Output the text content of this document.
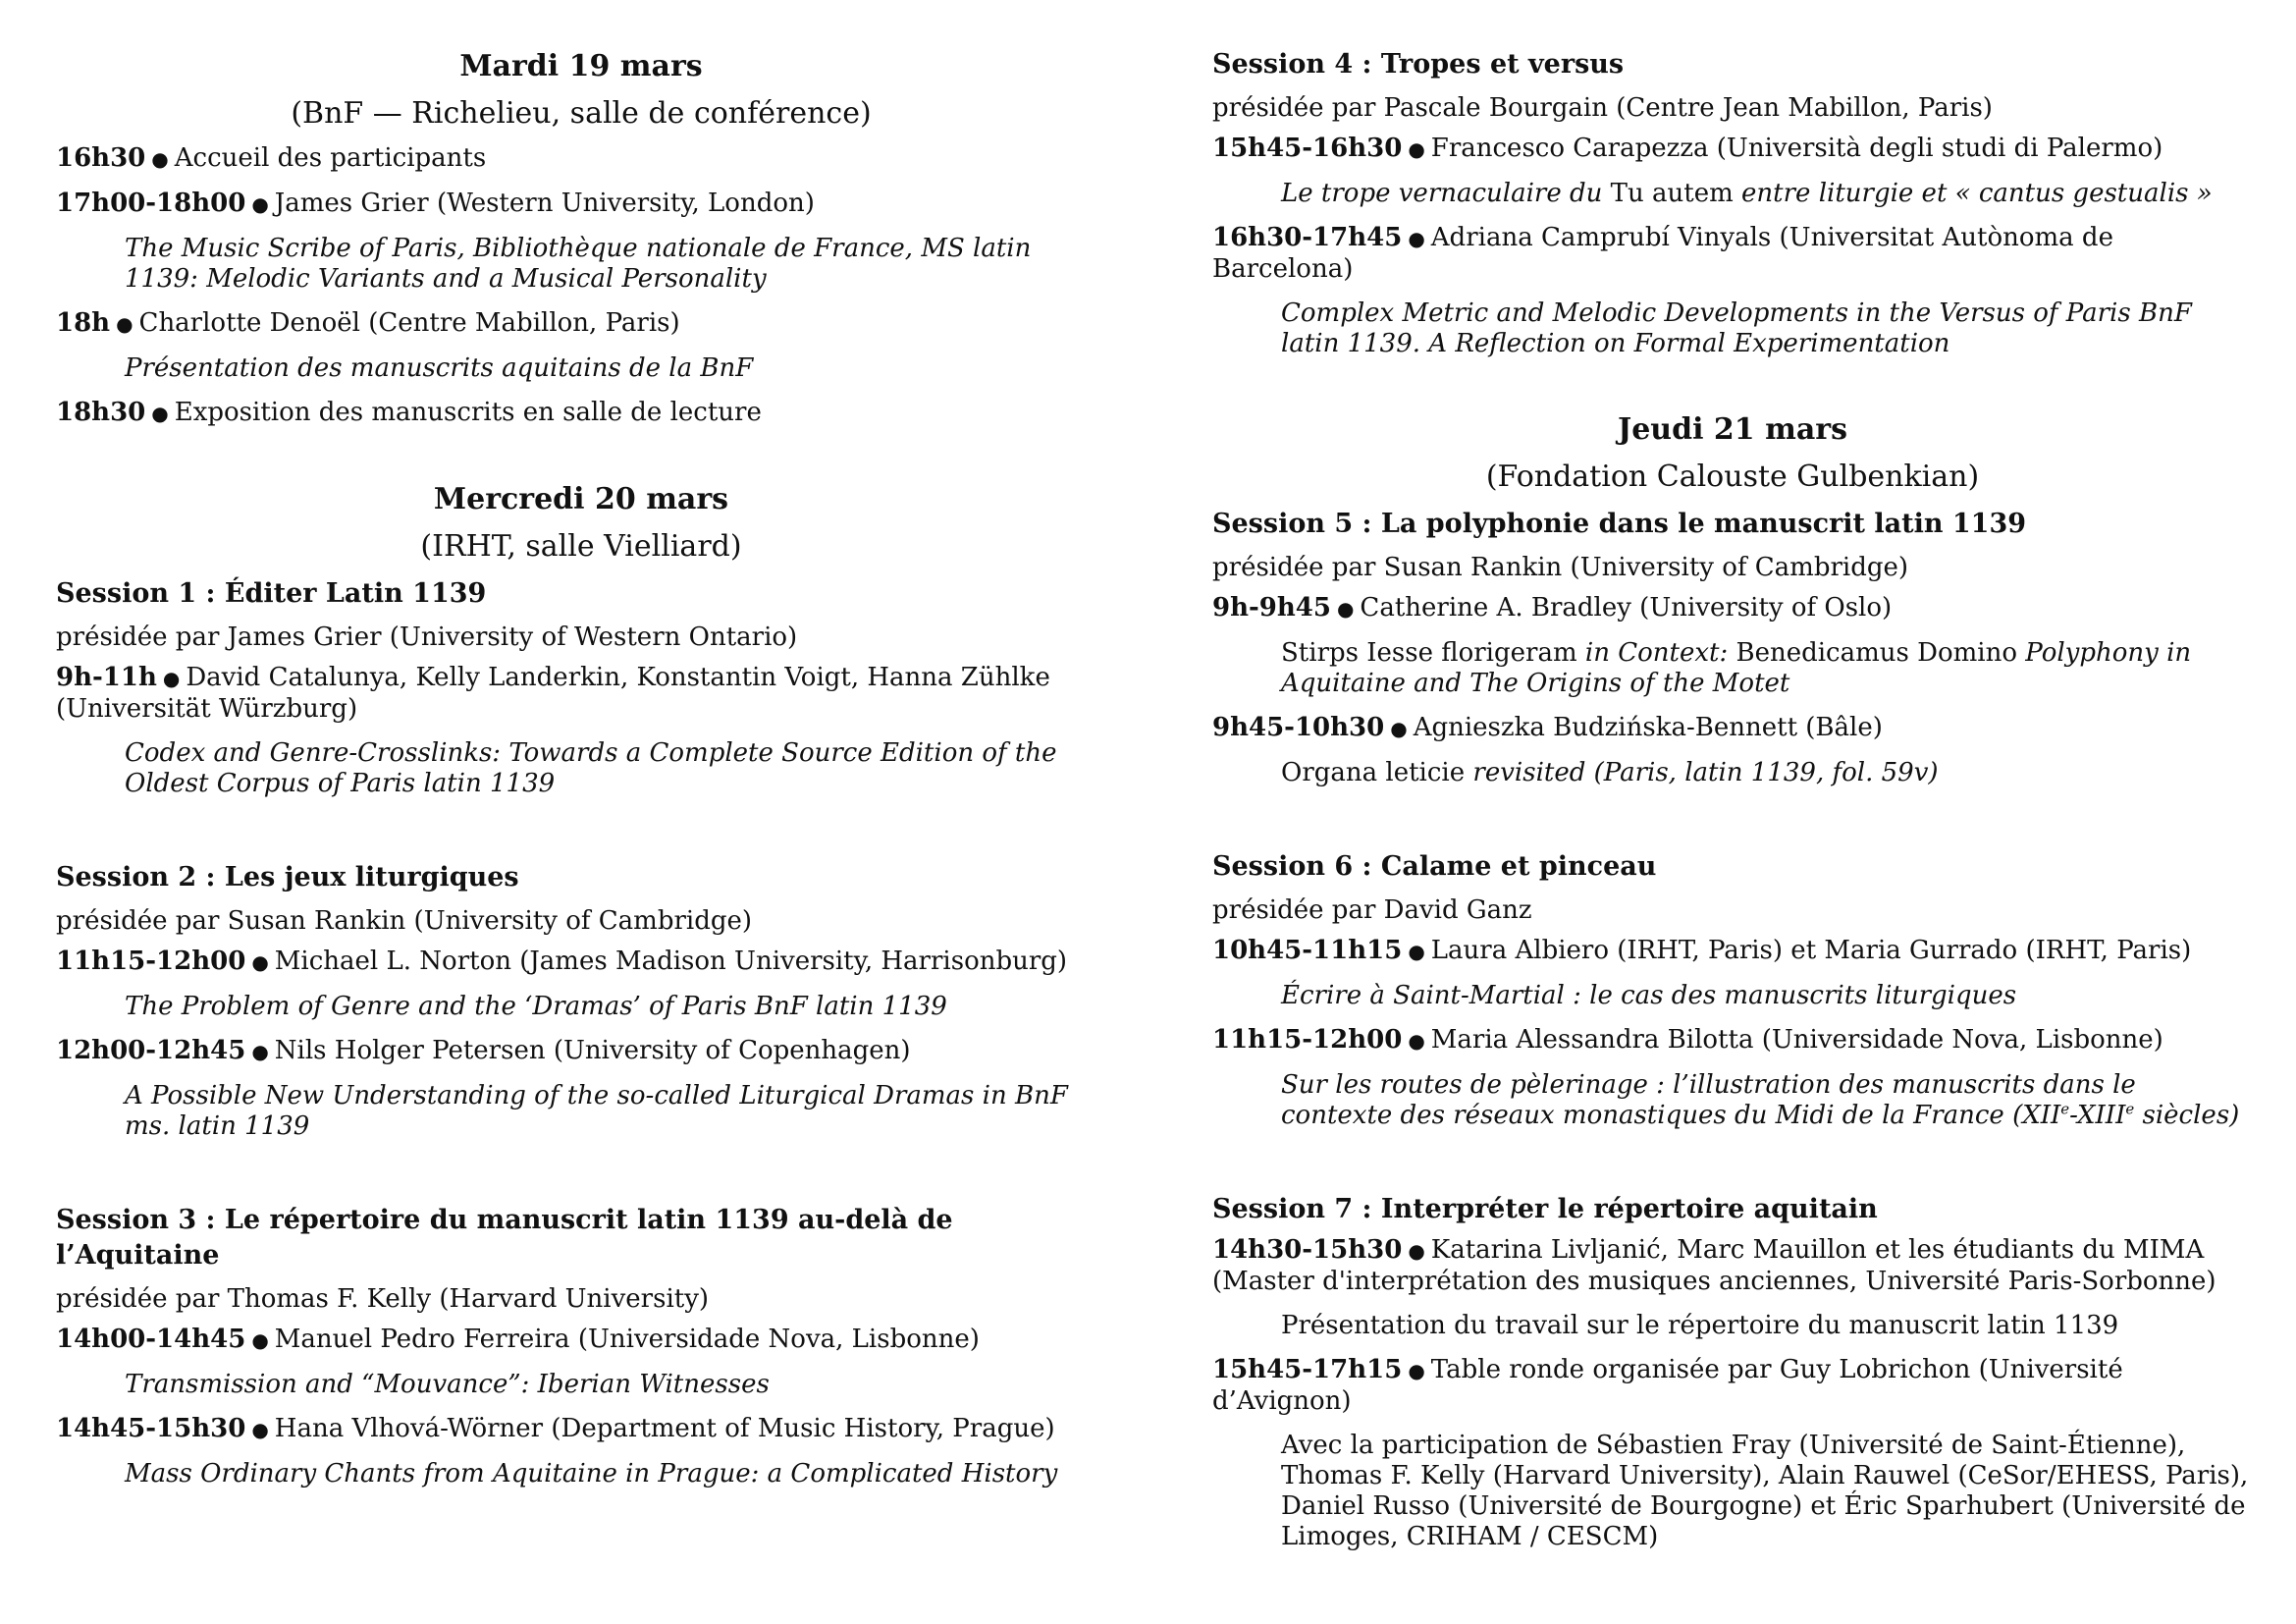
Mardi 19 mars
(BnF — Richelieu, salle de conférence)
16h30 ● Accueil des participants
17h00-18h00 ● James Grier (Western University, London)
The Music Scribe of Paris, Bibliothèque nationale de France, MS latin 1139: Melodic Variants and a Musical Personality
18h ● Charlotte Denoël (Centre Mabillon, Paris)
Présentation des manuscrits aquitains de la BnF
18h30 ● Exposition des manuscrits en salle de lecture
Mercredi 20 mars
(IRHT, salle Vielliard)
Session 1 : Éditer Latin 1139
présidée par James Grier (University of Western Ontario)
9h-11h ● David Catalunya, Kelly Landerkin, Konstantin Voigt, Hanna Zühlke (Universität Würzburg)
Codex and Genre-Crosslinks: Towards a Complete Source Edition of the Oldest Corpus of Paris latin 1139
Session 2 : Les jeux liturgiques
présidée par Susan Rankin (University of Cambridge)
11h15-12h00 ● Michael L. Norton (James Madison University, Harrisonburg)
The Problem of Genre and the ‘Dramas’ of Paris BnF latin 1139
12h00-12h45 ● Nils Holger Petersen (University of Copenhagen)
A Possible New Understanding of the so-called Liturgical Dramas in BnF ms. latin 1139
Session 3 : Le répertoire du manuscrit latin 1139 au-delà de l’Aquitaine
présidée par Thomas F. Kelly (Harvard University)
14h00-14h45 ● Manuel Pedro Ferreira (Universidade Nova, Lisbonne)
Transmission and “Mouvance”: Iberian Witnesses
14h45-15h30 ● Hana Vlhová-Wörner (Department of Music History, Prague)
Mass Ordinary Chants from Aquitaine in Prague: a Complicated History
Session 4 : Tropes et versus
présidée par Pascale Bourgain (Centre Jean Mabillon, Paris)
15h45-16h30 ● Francesco Carapezza (Università degli studi di Palermo)
Le trope vernaculaire du Tu autem entre liturgie et « cantus gestualis »
16h30-17h45 ● Adriana Camprubí Vinyals (Universitat Autònoma de Barcelona)
Complex Metric and Melodic Developments in the Versus of Paris BnF latin 1139. A Reflection on Formal Experimentation
Jeudi 21 mars
(Fondation Calouste Gulbenkian)
Session 5 : La polyphonie dans le manuscrit latin 1139
présidée par Susan Rankin (University of Cambridge)
9h-9h45 ● Catherine A. Bradley (University of Oslo)
Stirps Iesse florigeram in Context: Benedicamus Domino Polyphony in Aquitaine and The Origins of the Motet
9h45-10h30 ● Agnieszka Budzińska-Bennett (Bâle)
Organa leticie revisited (Paris, latin 1139, fol. 59v)
Session 6 : Calame et pinceau
présidée par David Ganz
10h45-11h15 ● Laura Albiero (IRHT, Paris) et Maria Gurrado (IRHT, Paris)
Écrire à Saint-Martial : le cas des manuscrits liturgiques
11h15-12h00 ● Maria Alessandra Bilotta (Universidade Nova, Lisbonne)
Sur les routes de pèlerinage : l’illustration des manuscrits dans le contexte des réseaux monastiques du Midi de la France (XIIe-XIIIe siècles)
Session 7 : Interpréter le répertoire aquitain
14h30-15h30 ● Katarina Livljanić, Marc Mauillon et les étudiants du MIMA (Master d'interprétation des musiques anciennes, Université Paris-Sorbonne)
Présentation du travail sur le répertoire du manuscrit latin 1139
15h45-17h15 ● Table ronde organisée par Guy Lobrichon (Université d’Avignon)
Avec la participation de Sébastien Fray (Université de Saint-Étienne), Thomas F. Kelly (Harvard University), Alain Rauwel (CeSor/EHESS, Paris), Daniel Russo (Université de Bourgogne) et Éric Sparhubert (Université de Limoges, CRIHAM / CESCM)
